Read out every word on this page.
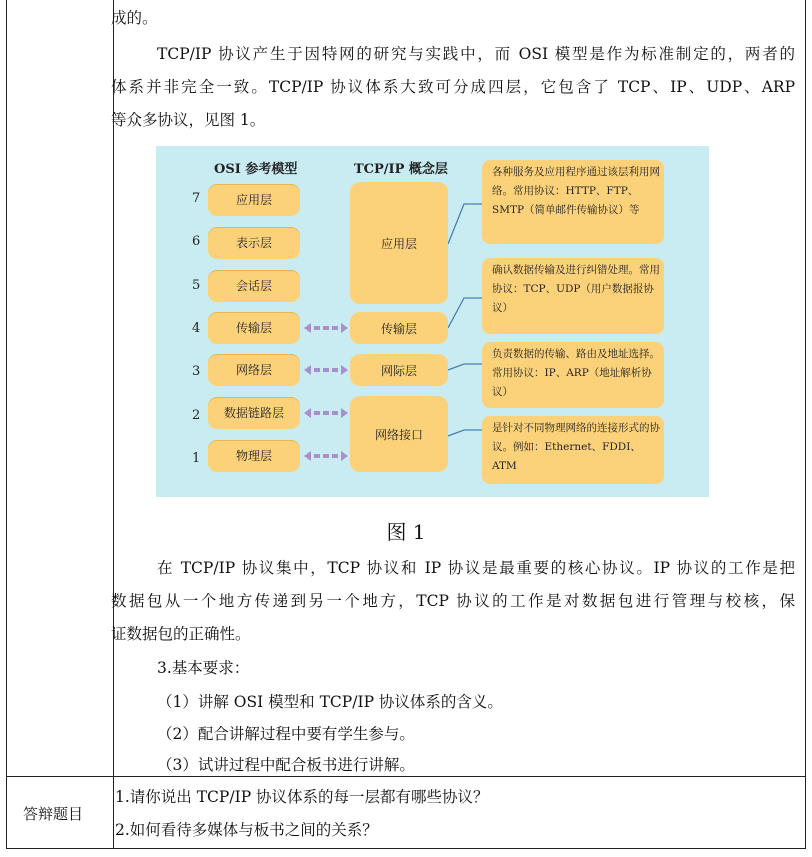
成的。
TCP/IP 协议产生于因特网的研究与实践中，而 OSI 模型是作为标准制定的，两者的
体系并非完全一致。TCP/IP 协议体系大致可分成四层，它包含了 TCP、IP、UDP、ARP
等众多协议，见图 1。
OSI 参考模型	TCP/IP 概念层
7
6
5
4
3
2
1
应用层
表示层
会话层
传输层
网络层
数据链路层
物理层
应用层
传输层
网际层
网络接口
各种服务及应用程序通过该层利用网络。常用协议：HTTP、FTP、SMTP（简单邮件传输协议）等
确认数据传输及进行纠错处理。常用协议：TCP、UDP（用户数据报协议）
负责数据的传输、路由及地址选择。常用协议：IP、ARP（地址解析协议）
是针对不同物理网络的连接形式的协议。例如：Ethernet、FDDI、ATM
图 1
在 TCP/IP 协议集中，TCP 协议和 IP 协议是最重要的核心协议。IP 协议的工作是把
数据包从一个地方传递到另一个地方，TCP 协议的工作是对数据包进行管理与校核，保
证数据包的正确性。
3.基本要求：
（1）讲解 OSI 模型和 TCP/IP 协议体系的含义。
（2）配合讲解过程中要有学生参与。
（3）试讲过程中配合板书进行讲解。
答辩题目
1.请你说出 TCP/IP 协议体系的每一层都有哪些协议？
2.如何看待多媒体与板书之间的关系？
